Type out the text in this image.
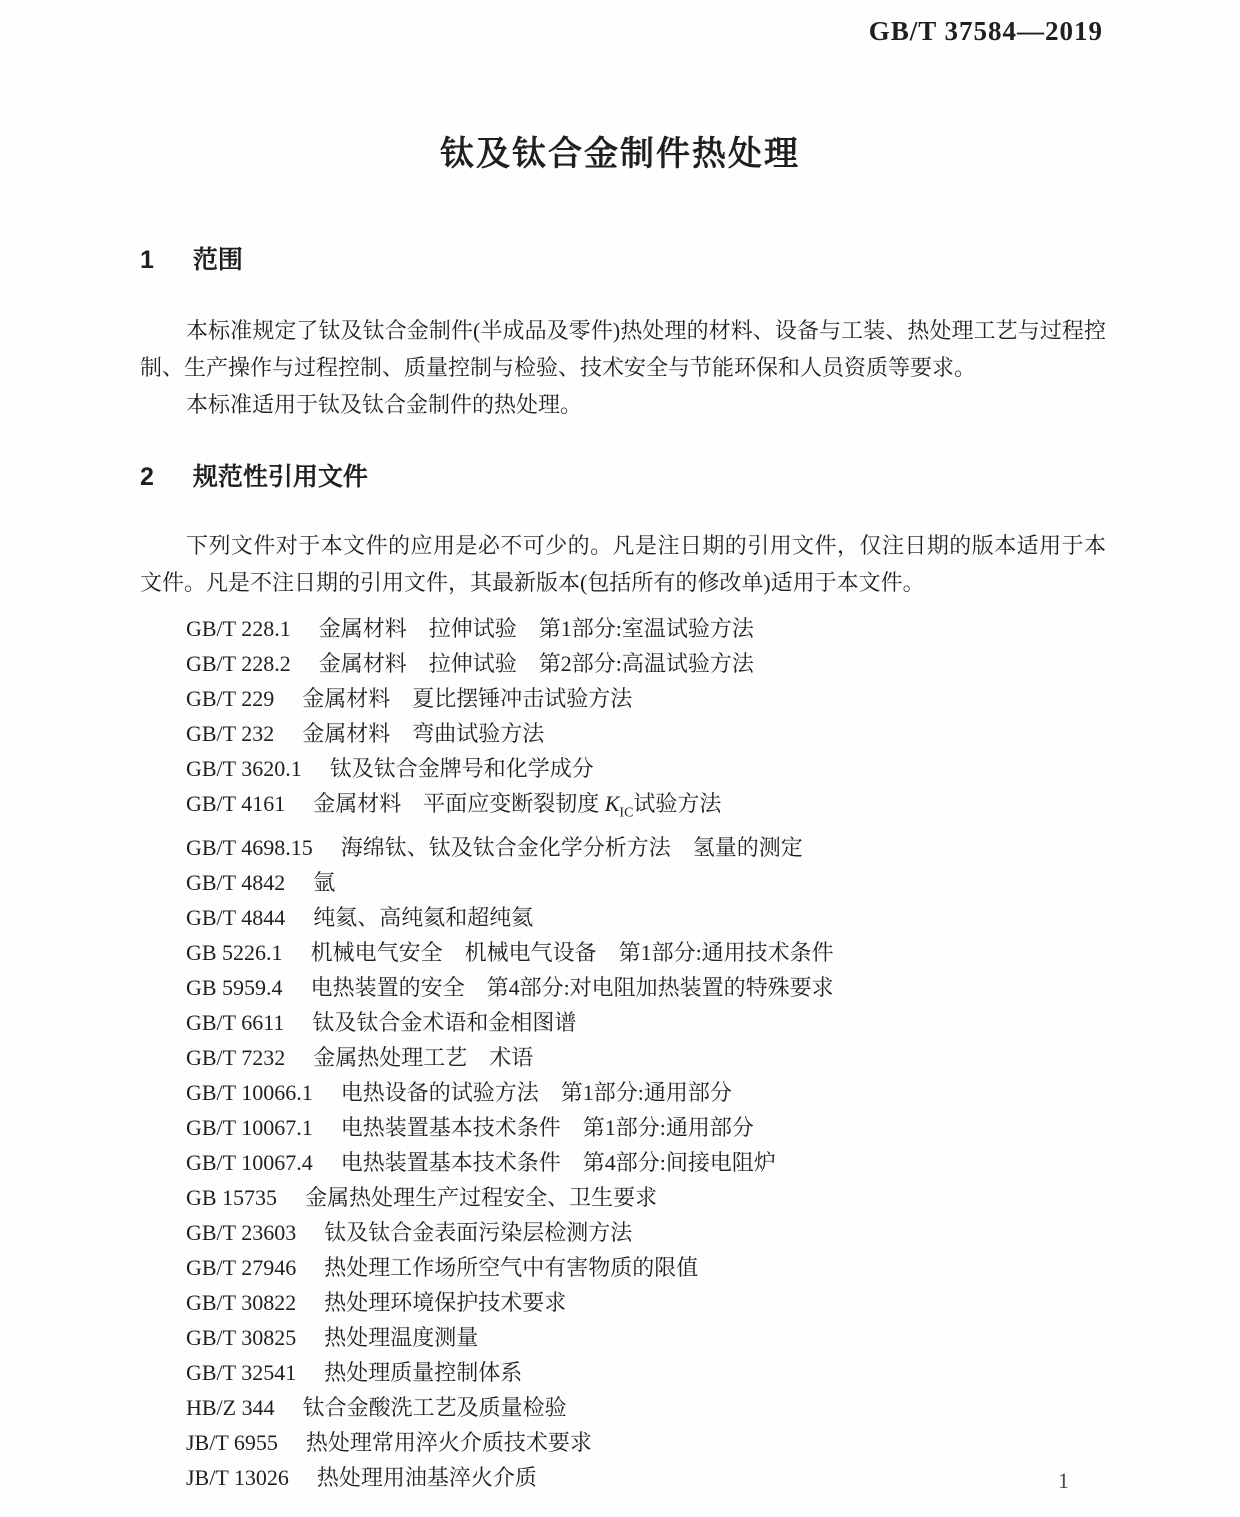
GB/T 37584—2019
钛及钛合金制件热处理
1 范围

本标准规定了钛及钛合金制件(半成品及零件)热处理的材料、设备与工装、热处理工艺与过程控制、生产操作与过程控制、质量控制与检验、技术安全与节能环保和人员资质等要求。

本标准适用于钛及钛合金制件的热处理。

2 规范性引用文件

下列文件对于本文件的应用是必不可少的。凡是注日期的引用文件，仅注日期的版本适用于本文件。凡是不注日期的引用文件，其最新版本(包括所有的修改单)适用于本文件。

GB/T 228.1 金属材料　拉伸试验　第1部分:室温试验方法
GB/T 228.2 金属材料　拉伸试验　第2部分:高温试验方法
GB/T 229 金属材料　夏比摆锤冲击试验方法
GB/T 232 金属材料　弯曲试验方法
GB/T 3620.1 钛及钛合金牌号和化学成分
GB/T 4161 金属材料　平面应变断裂韧度 $K_{IC}$试验方法
GB/T 4698.15 海绵钛、钛及钛合金化学分析方法　氢量的测定
GB/T 4842 氩
GB/T 4844 纯氦、高纯氦和超纯氦
GB 5226.1 机械电气安全　机械电气设备　第1部分:通用技术条件
GB 5959.4 电热装置的安全　第4部分:对电阻加热装置的特殊要求
GB/T 6611 钛及钛合金术语和金相图谱
GB/T 7232 金属热处理工艺　术语
GB/T 10066.1 电热设备的试验方法　第1部分:通用部分
GB/T 10067.1 电热装置基本技术条件　第1部分:通用部分
GB/T 10067.4 电热装置基本技术条件　第4部分:间接电阻炉
GB 15735 金属热处理生产过程安全、卫生要求
GB/T 23603 钛及钛合金表面污染层检测方法
GB/T 27946 热处理工作场所空气中有害物质的限值
GB/T 30822 热处理环境保护技术要求
GB/T 30825 热处理温度测量
GB/T 32541 热处理质量控制体系
HB/Z 344 钛合金酸洗工艺及质量检验
JB/T 6955 热处理常用淬火介质技术要求
JB/T 13026 热处理用油基淬火介质	1
